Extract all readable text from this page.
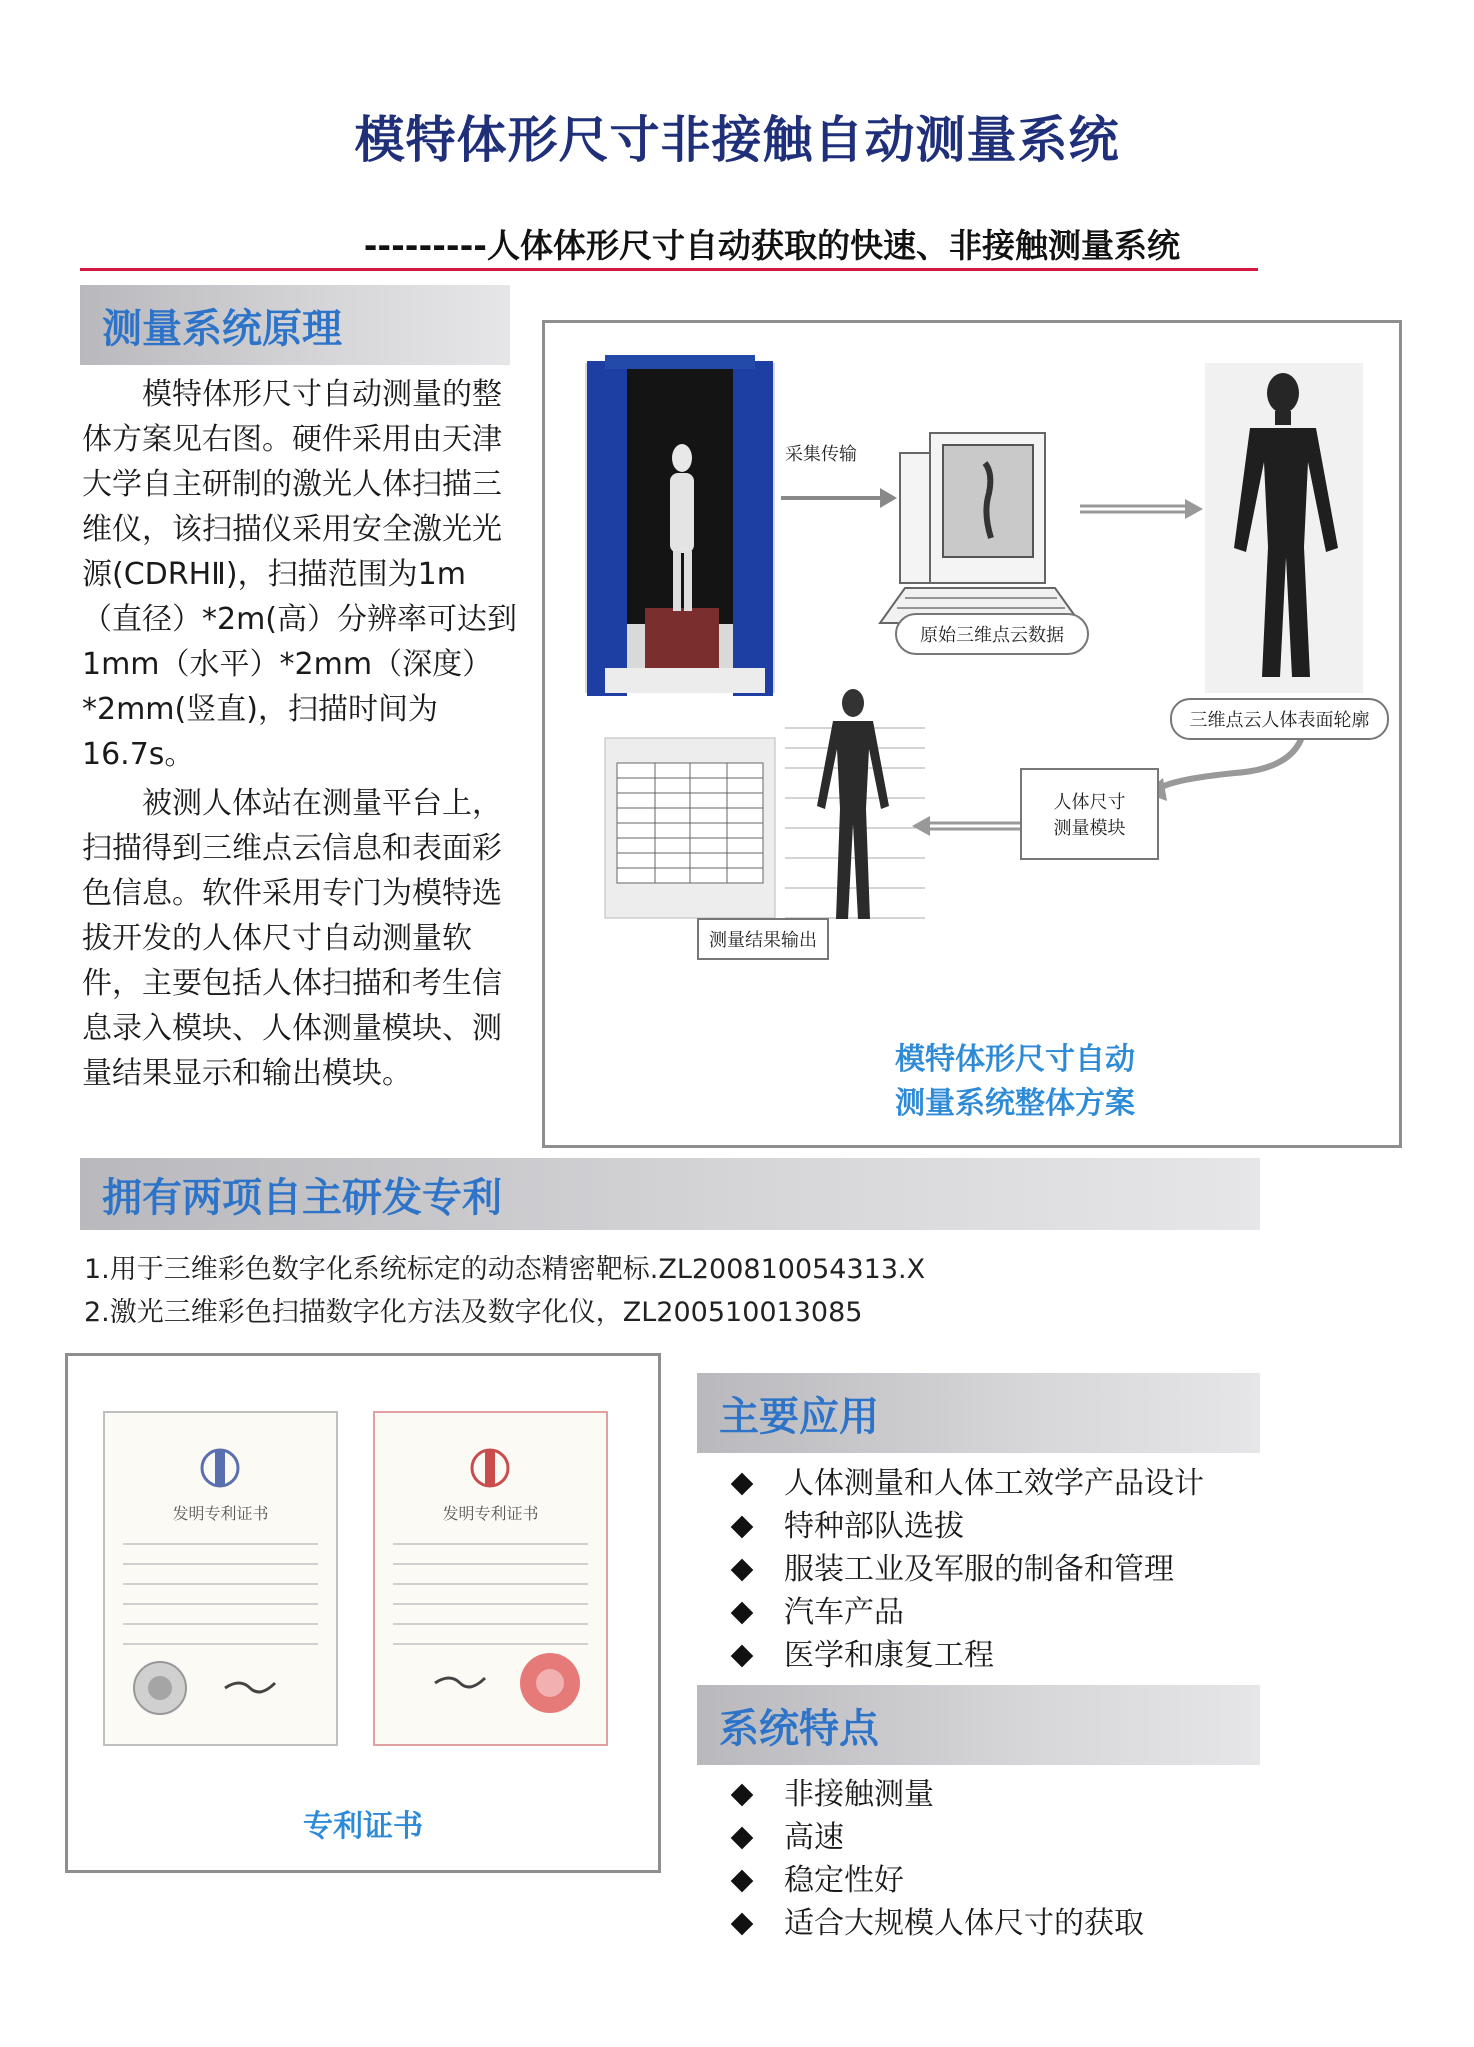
模特体形尺寸非接触自动测量系统
---------人体体形尺寸自动获取的快速、非接触测量系统
测量系统原理

模特体形尺寸自动测量的整体方案见右图。硬件采用由天津大学自主研制的激光人体扫描三维仪，该扫描仪采用安全激光光源(CDRHⅡ)，扫描范围为1m（直径）*2m(高）分辨率可达到1mm（水平）*2mm（深度）*2mm(竖直)，扫描时间为16.7s。

被测人体站在测量平台上，扫描得到三维点云信息和表面彩色信息。软件采用专门为模特选拔开发的人体尺寸自动测量软件，主要包括人体扫描和考生信息录入模块、人体测量模块、测量结果显示和输出模块。

采集传输
原始三维点云数据
三维点云人体表面轮廓
人体尺寸
测量模块
测量结果输出
模特体形尺寸自动
测量系统整体方案
拥有两项自主研发专利
1.用于三维彩色数字化系统标定的动态精密靶标.ZL200810054313.X
2.激光三维彩色扫描数字化方法及数字化仪，ZL200510013085
发明专利证书	发明专利证书
专利证书
主要应用
人体测量和人体工效学产品设计
特种部队选拔
服装工业及军服的制备和管理
汽车产品
医学和康复工程
系统特点
非接触测量
高速
稳定性好
适合大规模人体尺寸的获取
